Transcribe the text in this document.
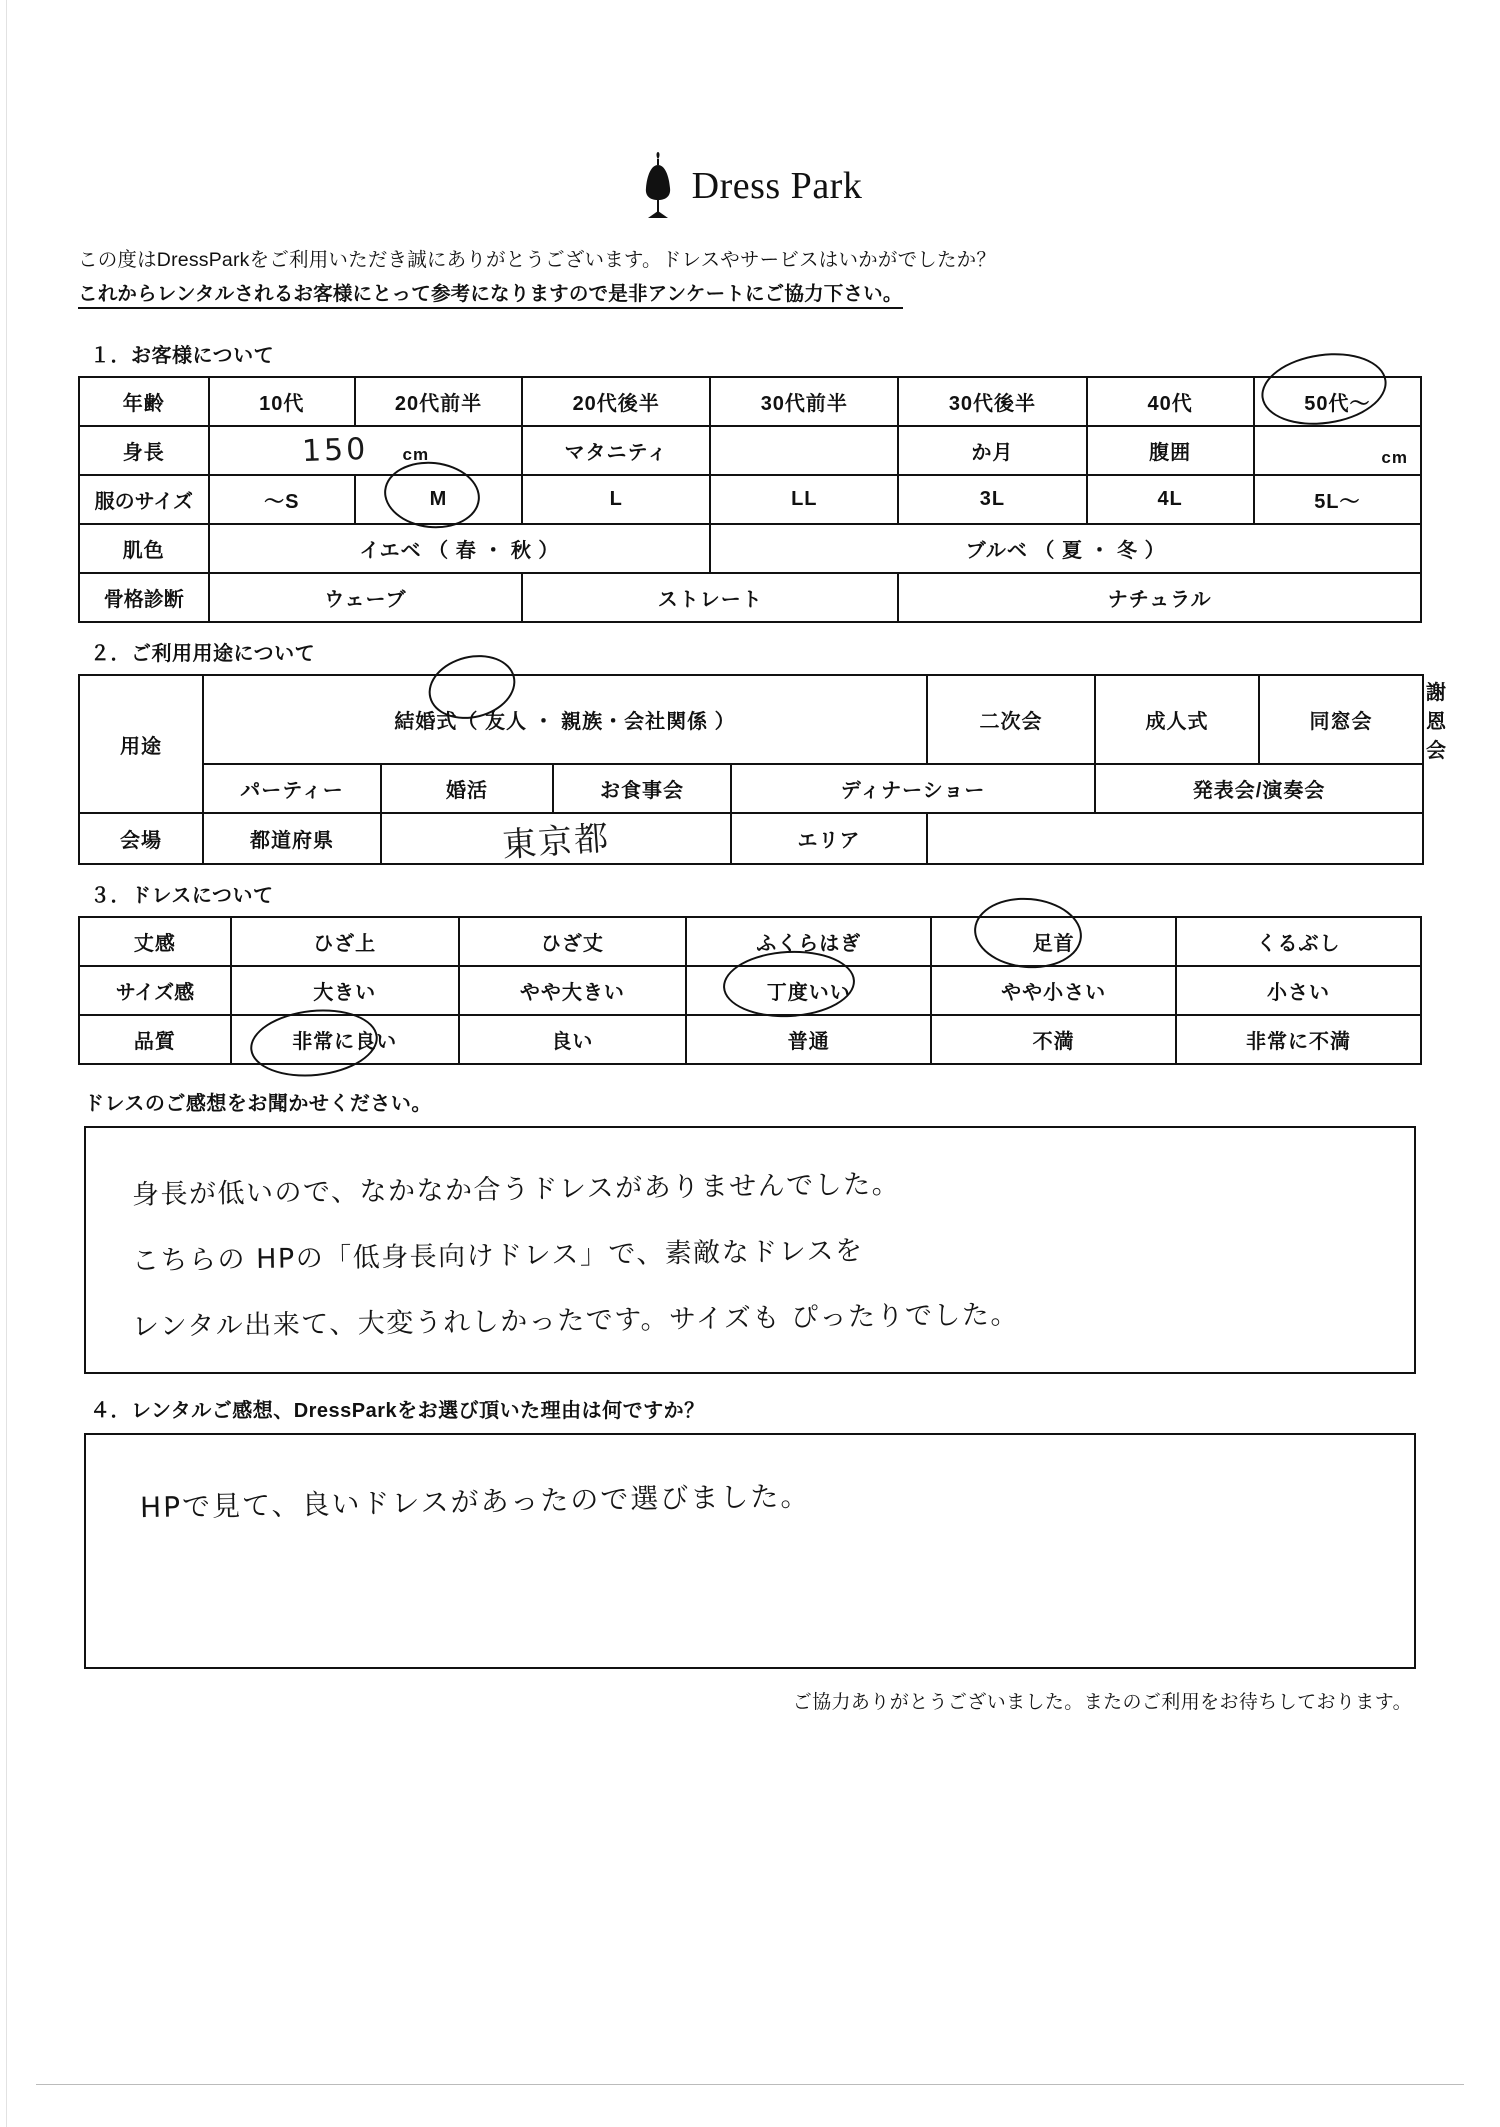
Dress Park
この度はDressParkをご利用いただき誠にありがとうございます。ドレスやサービスはいかがでしたか？
これからレンタルされるお客様にとって参考になりますので是非アンケートにご協力下さい。
１．お客様について
年齢	10代	20代前半	20代後半	30代前半	30代後半	40代	50代〜

身長	150 cm		マタニティ		か月	腹囲	cm

服のサイズ	〜S	M	L	LL	3L	4L	5L〜
肌色	イエベ （ 春 ・ 秋 ）			ブルベ （ 夏 ・ 冬 ）			
骨格診断	ウェーブ		ストレート		ナチュラル		
２．ご利用用途について
用途	結婚式（ 友人 ・ 親族・会社関係 ）				二次会	成人式	同窓会	謝恩会
	パーティー	婚活	お食事会	ディナーショー		発表会/演奏会		
会場	都道府県	東京都		エリア				
３．ドレスについて
丈感	ひざ上	ひざ丈	ふくらはぎ	足首	くるぶし
サイズ感	大きい	やや大きい	丁度いい	やや小さい	小さい
品質	非常に良い	良い	普通	不満	非常に不満
ドレスのご感想をお聞かせください。
身長が低いので、なかなか合うドレスがありませんでした。
こちらの HPの「低身長向けドレス」で、素敵なドレスを
レンタル出来て、大変うれしかったです。サイズも ぴったりでした。
４．レンタルご感想、DressParkをお選び頂いた理由は何ですか？
HPで見て、良いドレスがあったので選びました。
ご協力ありがとうございました。またのご利用をお待ちしております。
